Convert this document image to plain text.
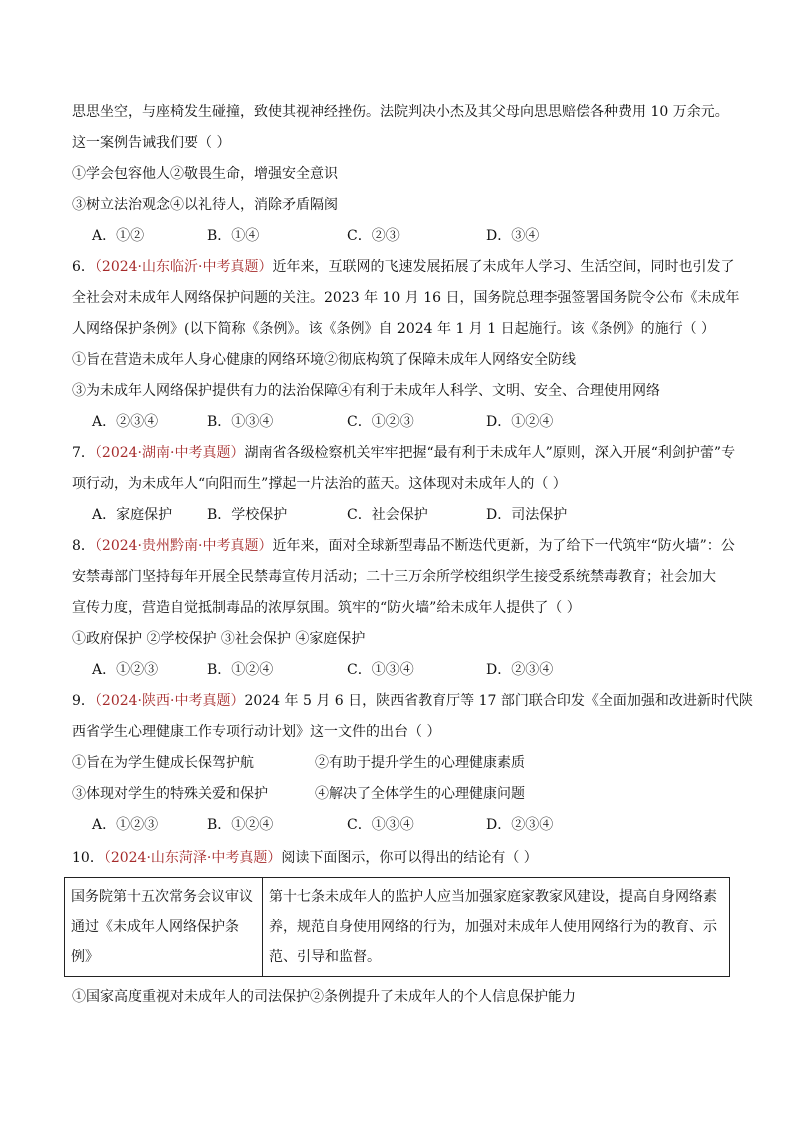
思思坐空，与座椅发生碰撞，致使其视神经挫伤。法院判决小杰及其父母向思思赔偿各种费用 10 万余元。
这一案例告诫我们要（ ）
①学会包容他人②敬畏生命，增强安全意识
③树立法治观念④以礼待人，消除矛盾隔阂
A．①②	B．①④	C．②③	D．③④
6．（2024·山东临沂·中考真题）近年来，互联网的飞速发展拓展了未成年人学习、生活空间，同时也引发了
全社会对未成年人网络保护问题的关注。2023 年 10 月 16 日，国务院总理李强签署国务院令公布《未成年
人网络保护条例》(以下简称《条例》。该《条例》自 2024 年 1 月 1 日起施行。该《条例》的施行（ ）
①旨在营造未成年人身心健康的网络环境②彻底构筑了保障未成年人网络安全防线
③为未成年人网络保护提供有力的法治保障④有利于未成年人科学、文明、安全、合理使用网络
A．②③④	B．①③④	C．①②③	D．①②④
7．（2024·湖南·中考真题）湖南省各级检察机关牢牢把握“最有利于未成年人”原则，深入开展“利剑护蕾”专
项行动，为未成年人“向阳而生”撑起一片法治的蓝天。这体现对未成年人的（ ）
A．家庭保护 B．学校保护	C．社会保护	D．司法保护
8．（2024·贵州黔南·中考真题）近年来，面对全球新型毒品不断迭代更新，为了给下一代筑牢“防火墙”：公
安禁毒部门坚持每年开展全民禁毒宣传月活动；二十三万余所学校组织学生接受系统禁毒教育；社会加大
宣传力度，营造自觉抵制毒品的浓厚氛围。筑牢的“防火墙”给未成年人提供了（ ）
①政府保护 ②学校保护 ③社会保护 ④家庭保护
A．①②③	B．①②④	C．①③④	D．②③④
9．（2024·陕西·中考真题）2024 年 5 月 6 日，陕西省教育厅等 17 部门联合印发《全面加强和改进新时代陕
西省学生心理健康工作专项行动计划》这一文件的出台（ ）
①旨在为学生健成长保驾护航	②有助于提升学生的心理健康素质
③体现对学生的特殊关爱和保护	④解决了全体学生的心理健康问题
A．①②③	B．①②④	C．①③④	D．②③④
10．（2024·山东菏泽·中考真题）阅读下面图示，你可以得出的结论有（ ）
国务院第十五次常务会议审议通过《未成年人网络保护条例》	第十七条未成年人的监护人应当加强家庭家教家风建设，提高自身网络素养，规范自身使用网络的行为，加强对未成年人使用网络行为的教育、示范、引导和监督。
①国家高度重视对未成年人的司法保护②条例提升了未成年人的个人信息保护能力
